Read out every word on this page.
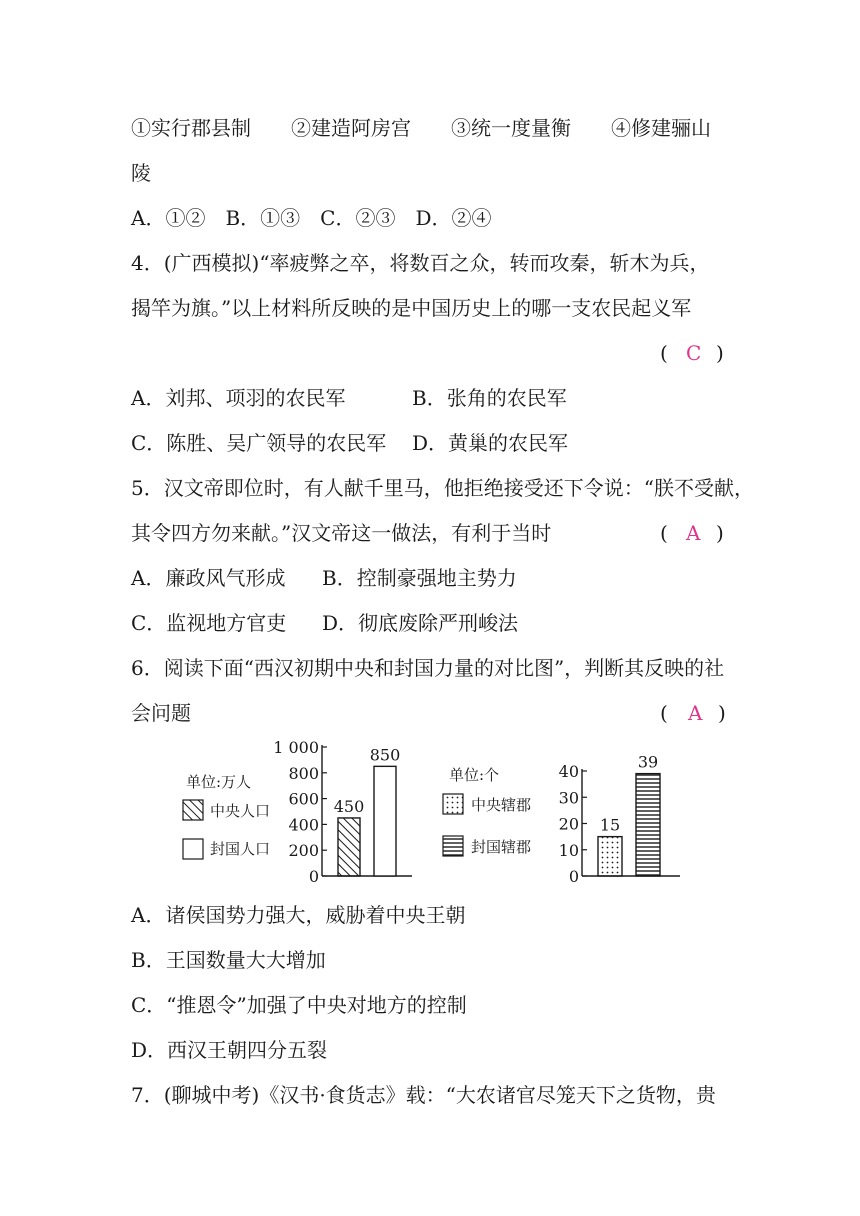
①实行郡县制　　②建造阿房宫　　③统一度量衡　　④修建骊山
陵
A．①②　B．①③　C．②③　D．②④
4．(广西模拟)“率疲弊之卒，将数百之众，转而攻秦，斩木为兵，
揭竿为旗。”以上材料所反映的是中国历史上的哪一支农民起义军
( C )
A．刘邦、项羽的农民军	B．张角的农民军
C．陈胜、吴广领导的农民军 D．黄巢的农民军
5．汉文帝即位时，有人献千里马，他拒绝接受还下令说：“朕不受献，
其令四方勿来献。”汉文帝这一做法，有利于当时	( A )
A．廉政风气形成 B．控制豪强地主势力
C．监视地方官吏 D．彻底废除严刑峻法
6．阅读下面“西汉初期中央和封国力量的对比图”，判断其反映的社
会问题	( A )
单位:万人
中央人口
封国人口
单位:个
中央辖郡
封国辖郡
0
200
400
600
800
1 000
450
850
0
10
20
30
40
15
39
A．诸侯国势力强大，威胁着中央王朝
B．王国数量大大增加
C．“推恩令”加强了中央对地方的控制
D．西汉王朝四分五裂
7．(聊城中考)《汉书·食货志》载：“大农诸官尽笼天下之货物，贵
